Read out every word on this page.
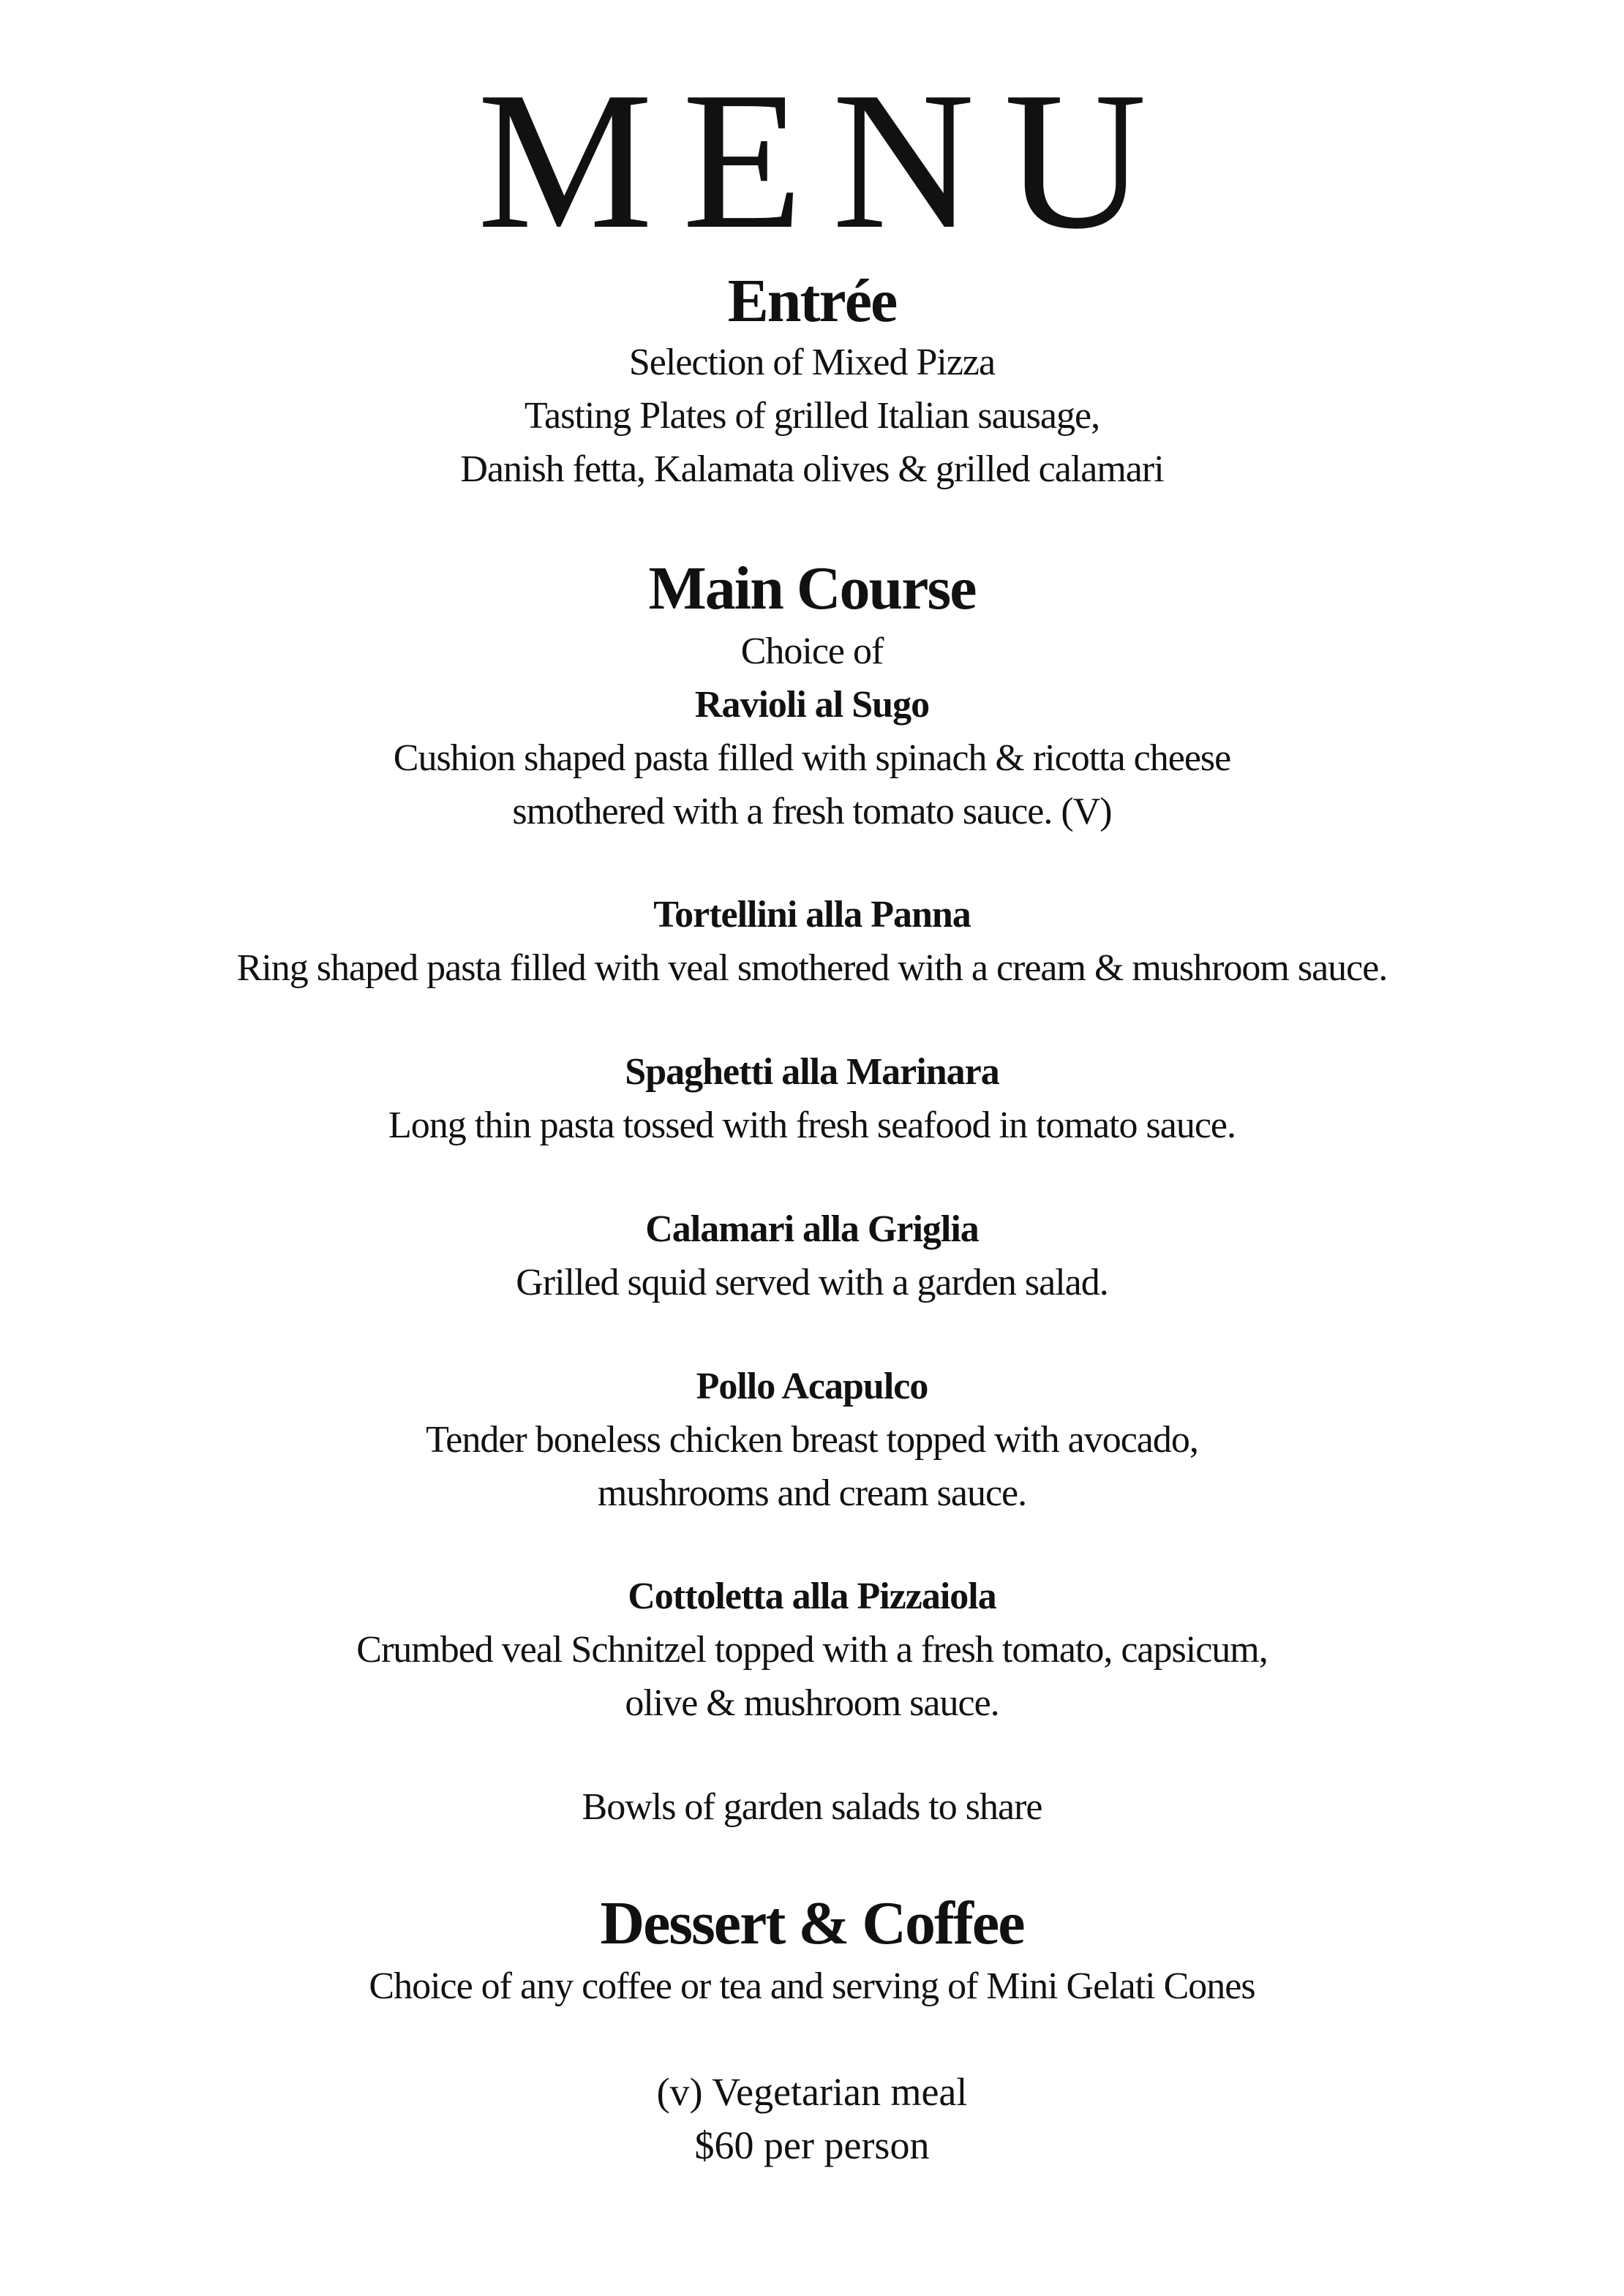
MENU
Entrée
Selection of Mixed Pizza
Tasting Plates of grilled Italian sausage,
Danish fetta, Kalamata olives & grilled calamari
Main Course
Choice of
Ravioli al Sugo
Cushion shaped pasta filled with spinach & ricotta cheese
smothered with a fresh tomato sauce. (V)
Tortellini alla Panna
Ring shaped pasta filled with veal smothered with a cream & mushroom sauce.
Spaghetti alla Marinara
Long thin pasta tossed with fresh seafood in tomato sauce.
Calamari alla Griglia
Grilled squid served with a garden salad.
Pollo Acapulco
Tender boneless chicken breast topped with avocado,
mushrooms and cream sauce.
Cottoletta alla Pizzaiola
Crumbed veal Schnitzel topped with a fresh tomato, capsicum,
olive & mushroom sauce.
Bowls of garden salads to share
Dessert & Coffee
Choice of any coffee or tea and serving of Mini Gelati Cones
(v) Vegetarian meal
$60 per person
